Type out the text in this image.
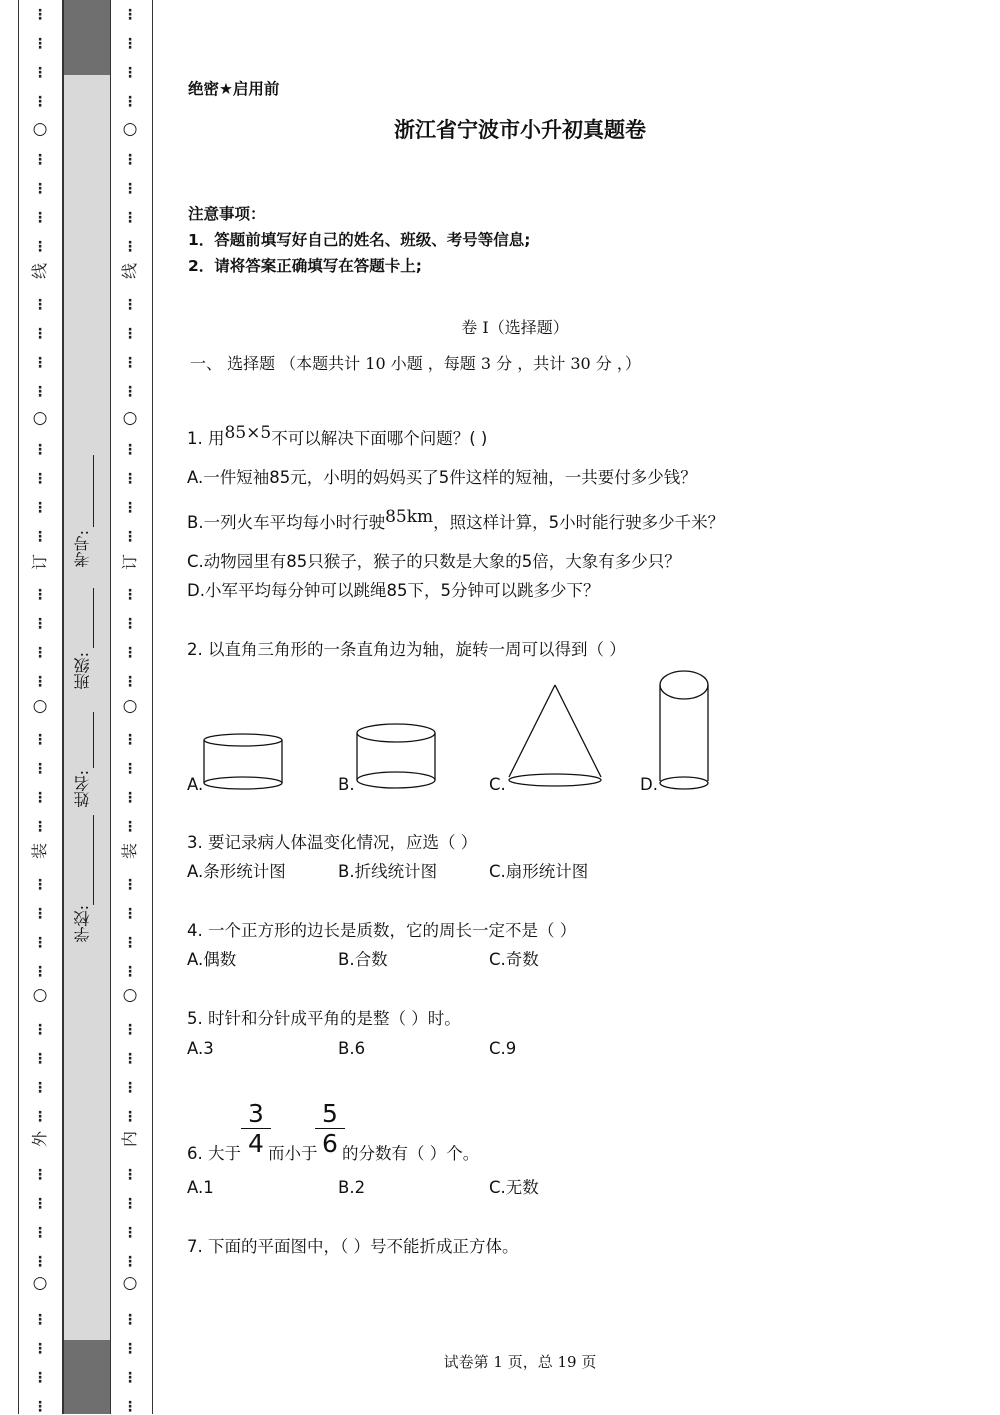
⋮
⋮
⋮
⋮
⋮
⋮
⋮
⋮
⋮
⋮
⋮
⋮
⋮
⋮
⋮
⋮
⋮
⋮
⋮
⋮
⋮
⋮
⋮
⋮
⋮
⋮
⋮
⋮
⋮
⋮
⋮
⋮
⋮
⋮
⋮
⋮
⋮
⋮
⋮
⋮
○
○
○
○
○
线
订
装
外
⋮
⋮
⋮
⋮
⋮
⋮
⋮
⋮
⋮
⋮
⋮
⋮
⋮
⋮
⋮
⋮
⋮
⋮
⋮
⋮
⋮
⋮
⋮
⋮
⋮
⋮
⋮
⋮
⋮
⋮
⋮
⋮
⋮
⋮
⋮
⋮
⋮
⋮
⋮
⋮
○
○
○
○
○
线
订
装
内
学校:
姓名:
班级:
考号:
绝密★启用前
浙江省宁波市小升初真题卷
注意事项：
1．答题前填写好自己的姓名、班级、考号等信息;
2．请将答案正确填写在答题卡上;
卷 I（选择题）
一、 选择题 （本题共计 10 小题 ，每题 3 分 ，共计 30 分 ，）
1. 用85×5不可以解决下面哪个问题？( )
A.一件短袖85元，小明的妈妈买了5件这样的短袖，一共要付多少钱？
B.一列火车平均每小时行驶85km，照这样计算，5小时能行驶多少千米？
C.动物园里有85只猴子，猴子的只数是大象的5倍，大象有多少只？
D.小军平均每分钟可以跳绳85下，5分钟可以跳多少下？
2. 以直角三角形的一条直角边为轴，旋转一周可以得到（ ）
A.	B.	C.	D.
3. 要记录病人体温变化情况，应选（ ）
A.条形统计图	B.折线统计图	C.扇形统计图
4. 一个正方形的边长是质数，它的周长一定不是（ ）
A.偶数	B.合数	C.奇数
5. 时针和分针成平角的是整（ ）时。
A.3	B.6	C.9
3
4
5
6
6. 大于 而小于 的分数有（ ）个。
A.1	B.2	C.无数
7. 下面的平面图中，（ ）号不能折成正方体。
试卷第 1 页，总 19 页
